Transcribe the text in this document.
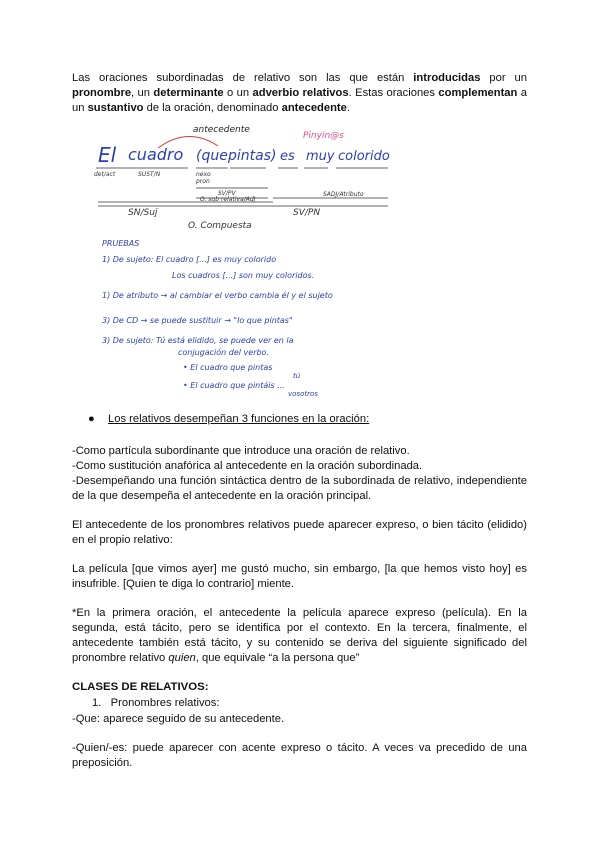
Las oraciones subordinadas de relativo son las que están introducidas por un pronombre, un determinante o un adverbio relativos. Estas oraciones complementan a un sustantivo de la oración, denominado antecedente.

El cuadro (que pintas) es muy colorido
antecedente
Pinyin@s
det/act	SUST/N	nexo
pron
SV/PV
O. sub relativa/AdJ
SADJ/Atributo
SN/Suj	SV/PN
O. Compuesta
PRUEBAS
1) De sujeto: El cuadro [...] es muy colorido
Los cuadros [...] son muy coloridos.
1) De atributo → al cambiar el verbo cambia él y el sujeto
3) De CD → se puede sustituir → "lo que pintas"
3) De sujeto: Tú está elidido, se puede ver en la
conjugación del verbo.
• El cuadro que pintas
tú
• El cuadro que pintáis ...
vosotros
● Los relativos desempeñan 3 funciones en la oración:

-Como partícula subordinante que introduce una oración de relativo.

-Como sustitución anafórica al antecedente en la oración subordinada.

-Desempeñando una función sintáctica dentro de la subordinada de relativo, independiente de la que desempeña el antecedente en la oración principal.

El antecedente de los pronombres relativos puede aparecer expreso, o bien tácito (elidido) en el propio relativo:

La película [que vimos ayer] me gustó mucho, sin embargo, [la que hemos visto hoy] es insufrible. [Quien te diga lo contrario] miente.

*En la primera oración, el antecedente la película aparece expreso (película). En la segunda, está tácito, pero se identifica por el contexto. En la tercera, finalmente, el antecedente también está tácito, y su contenido se deriva del siguiente significado del pronombre relativo quien, que equivale “a la persona que”

CLASES DE RELATIVOS:
1. Pronombres relativos:

-Que: aparece seguido de su antecedente.

-Quien/-es: puede aparecer con acente expreso o tácito. A veces va precedido de una preposición.
